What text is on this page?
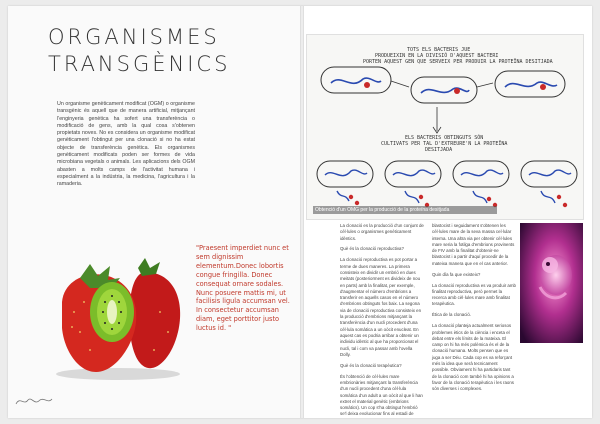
ORGANISMES
TRANSGÈNICS

Un organisme genèticament modificat (OGM) o organisme transgènic és aquell que de manera artificial, mitjançant l'enginyeria genètica ha sofert una transferència o modificació de gens, amb la qual cosa s'obtenen propietats noves. No es considera un organisme modificat genèticament l'obtingut per una clonació si no ha estat objecte de transferència genètica. Els organismes genèticament modificats poden ser formes de vida microbiana vegetals o animals. Les aplicacions dels OGM abasten a molts camps de l'activitat humana i especialment a la indústria, la medicina, l'agricultura i la ramaderia.

"Praesent imperdiet nunc et sem dignissim elementum.Donec lobortis congue fringilla. Donec consequat ornare sodales. Nunc posuere mattis mi, ut facilisis ligula accumsan vel. In consectetur accumsan diam, eget porttitor justo luctus id. "

TOTS ELS BACTERIS JUE
PRODUEIXIN EN LA DIVISIÓ D'AQUEST BACTERI
PORTEN AQUEST GEN QUE SERVEIX PER PRODUIR LA PROTEÏNA DESITJADA
ELS BACTERIS OBTINGUTS SÓN
CULTIVATS PER TAL D'EXTREURE'N LA PROTEÏNA
DESITJADA

Obtenció d'un OMG per la producció de la proteïna desitjada

La clonació es la producció d'un conjunt de cèl·lules o organismes genèticament idèntics.

Què és la clonació reproductiva?

La clonació reproductiva es pot portar a terme de dues maneres. La primera consisteix en dividir un embrió en dues meitats (posteriorment es divideix de nou en parts) amb la finalitat, per exemple, d'augmentar el número d'embrions a transferir en aquells casos en el número d'embrions obtinguts fos baix. La segona via de clonació reproductiva consisteix en la producció d'embrions mitjançant la transferència d'un nucli procedent d'una cèl·lula somàtica a un oòcit enucleat. En aquest cas es podria arribar a obtenir un individu idèntic al que ha proporcionat el nucli, tal i com va passar amb l'ovella Dolly.

Què és la clonació terapèutica?

És l'obtenció de cèl·lules mare embrionàries mitjançant la transferència d'un nucli procedent d'una cèl·lula somàtica d'un adult a un oòcit al que li han extret el material genètic (embrions somàtics). Un cop s'ha obtingut l'embrió se'l deixa evolucionar fins al estadi de

blastocist i seguidament s'obtenen les cèl·lules mare de la seva massa cel·lular interna. Una altra via per obtenir cèl·lules mare seria la fotilga d'embrions provinents de FIV amb la finalitat d'obtenir-ne blastocist i a partir d'aquí procedir de la mateixa manera que en el cas anterior.

Quin día fa que existeix?

La clonació reproductiva es va produir amb finalitat reproductiva, però permet la recerca amb cèl·lules mare amb finalitat terapèutica.

Ètica de la clonació.

La clonació planteja actualment seriosos problemes ètics de la ciència i enceta el debat entre els límits de la mateixa. El camp on hi ha més polèmica és el de la clonació humana. Molts pensen que es juga a ser Déu. Cada cop es va reforçant més la idea que serà tecnicament possible. Obviament hi ha partidaris tant de la clonació com també hi ha opinions a favor de la clonació terapèutica i les raons són diverses i complexes.
